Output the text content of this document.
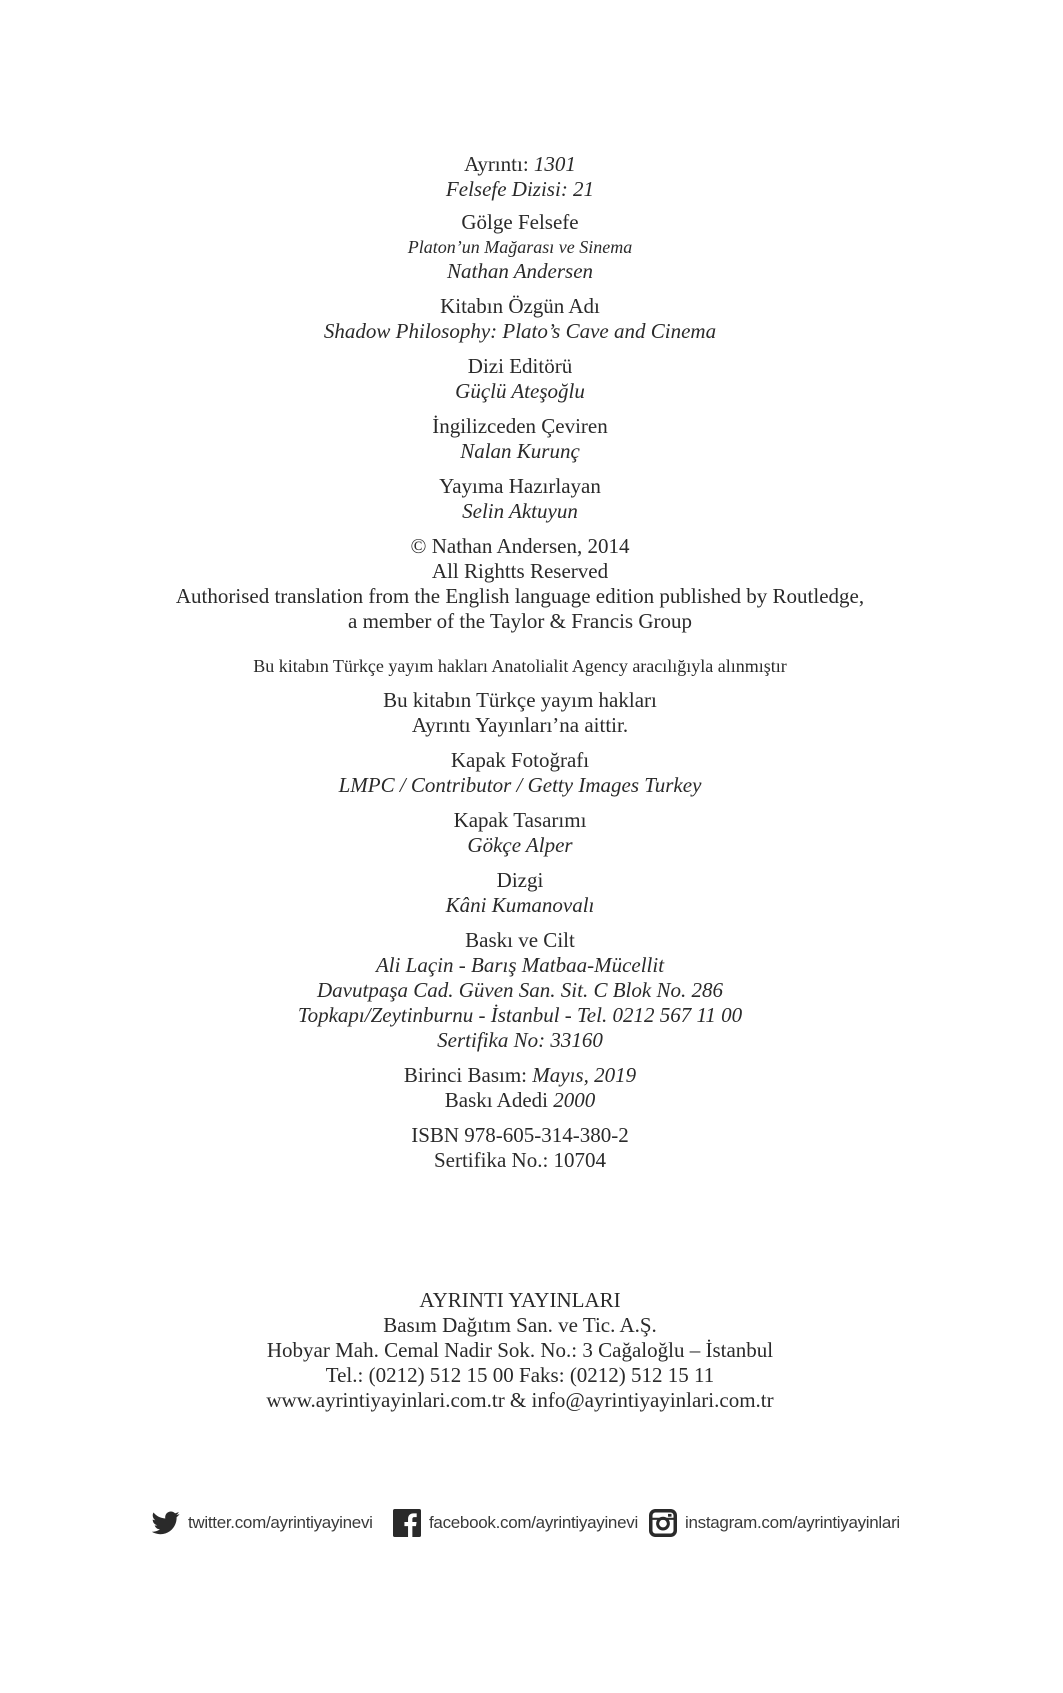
Ayrıntı: 1301

Felsefe Dizisi: 21

Gölge Felsefe

Platon’un Mağarası ve Sinema

Nathan Andersen

Kitabın Özgün Adı

Shadow Philosophy: Plato’s Cave and Cinema

Dizi Editörü

Güçlü Ateşoğlu

İngilizceden Çeviren

Nalan Kurunç

Yayıma Hazırlayan

Selin Aktuyun

© Nathan Andersen, 2014

All Rightts Reserved

Authorised translation from the English language edition published by Routledge,

a member of the Taylor & Francis Group

Bu kitabın Türkçe yayım hakları Anatolialit Agency aracılığıyla alınmıştır

Bu kitabın Türkçe yayım hakları

Ayrıntı Yayınları’na aittir.

Kapak Fotoğrafı

LMPC / Contributor / Getty Images Turkey

Kapak Tasarımı

Gökçe Alper

Dizgi

Kâni Kumanovalı

Baskı ve Cilt

Ali Laçin - Barış Matbaa-Mücellit

Davutpaşa Cad. Güven San. Sit. C Blok No. 286

Topkapı/Zeytinburnu - İstanbul - Tel. 0212 567 11 00

Sertifika No: 33160

Birinci Basım: Mayıs, 2019

Baskı Adedi 2000

ISBN 978-605-314-380-2

Sertifika No.: 10704

AYRINTI YAYINLARI

Basım Dağıtım San. ve Tic. A.Ş.

Hobyar Mah. Cemal Nadir Sok. No.: 3 Cağaloğlu – İstanbul

Tel.: (0212) 512 15 00 Faks: (0212) 512 15 11

www.ayrintiyayinlari.com.tr & info@ayrintiyayinlari.com.tr

twitter.com/ayrintiyayinevi	facebook.com/ayrintiyayinevi	instagram.com/ayrintiyayinlari
